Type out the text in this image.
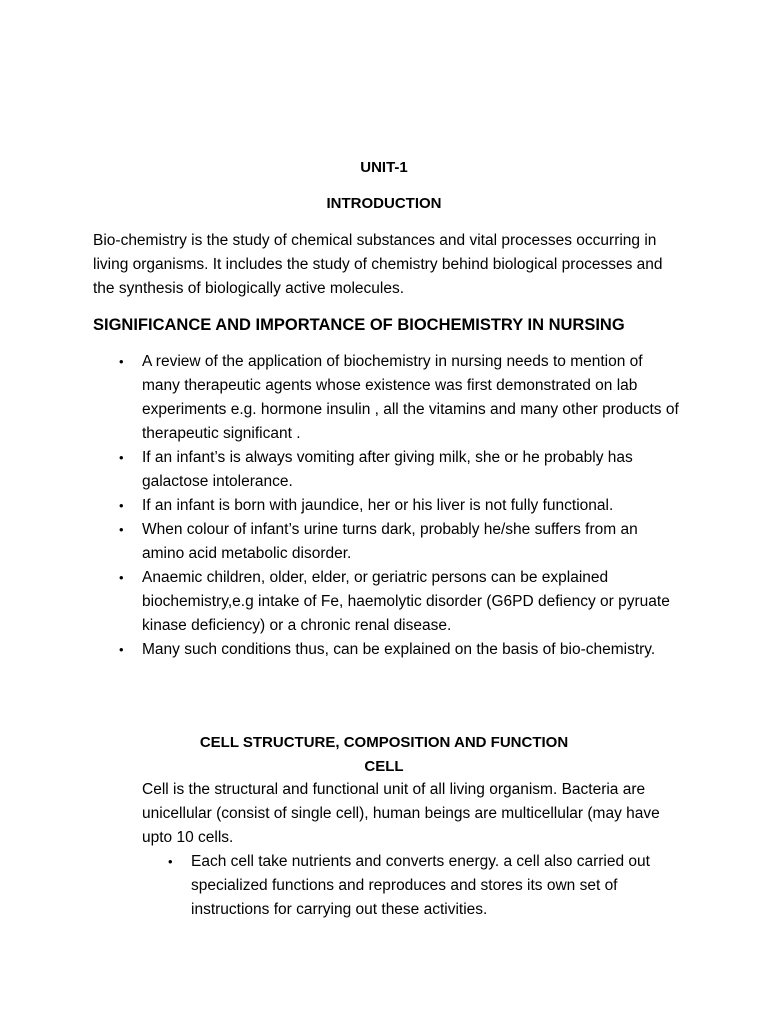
UNIT-1
INTRODUCTION
Bio-chemistry is the study of chemical substances and vital processes occurring in living organisms. It includes the study of chemistry behind biological processes and the synthesis of biologically active molecules.
SIGNIFICANCE AND IMPORTANCE OF BIOCHEMISTRY IN NURSING
• A review of the application of biochemistry in nursing needs to mention of many therapeutic agents whose existence was first demonstrated on lab experiments e.g. hormone insulin , all the vitamins and many other products of therapeutic significant .
• If an infant’s is always vomiting after giving milk, she or he probably has galactose intolerance.
• If an infant is born with jaundice, her or his liver is not fully functional.
• When colour of infant’s urine turns dark, probably he/she suffers from an amino acid metabolic disorder.
• Anaemic children, older, elder, or geriatric persons can be explained biochemistry,e.g intake of Fe, haemolytic disorder (G6PD defiency or pyruate kinase deficiency) or a chronic renal disease.
• Many such conditions thus, can be explained on the basis of bio-chemistry.
CELL STRUCTURE, COMPOSITION AND FUNCTION
CELL
Cell is the structural and functional unit of all living organism. Bacteria are unicellular (consist of single cell), human beings are multicellular (may have upto 10 cells.
• Each cell take nutrients and converts energy. a cell also carried out specialized functions and reproduces and stores its own set of instructions for carrying out these activities.
